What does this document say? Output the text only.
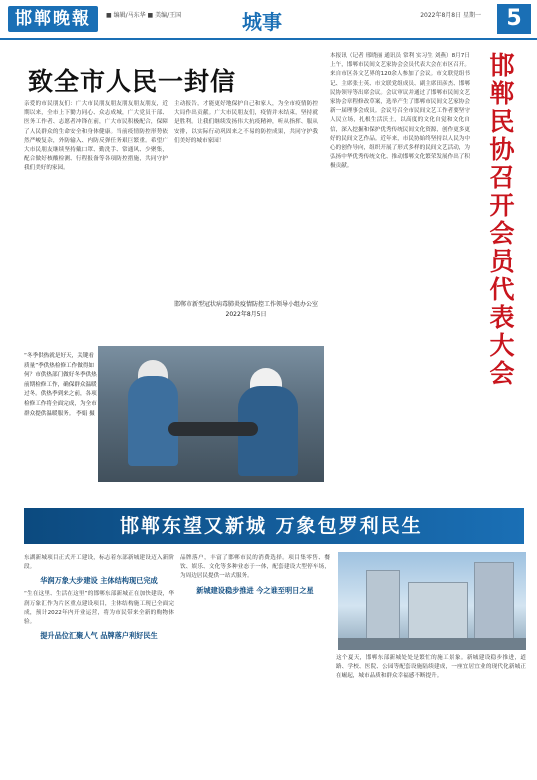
邯郸晚報	■ 编辑/马东华 ■ 美编/王国	城事	2022年8月8日 星期一	5
致全市人民一封信
亲爱的市民朋友们：广大市民朋友朋友朋友朋友朋友，近期以来，全市上下勠力同心、众志成城，广大党员干部、医务工作者、志愿者冲锋在前，广大市民积极配合，保障了人民群众的生命安全和身体健康。当前疫情防控形势依然严峻复杂，外防输入、内防反弹任务艰巨繁重。希望广大市民朋友继续坚持戴口罩、勤洗手、常通风、少聚集，配合做好核酸检测、行程报备等各项防控措施，共同守护我们美好的家园。
主动报告，才能更好地保护自己和家人，为全市疫情防控大局作出贡献。广大市民朋友们，疫情并未结束，坚持就是胜利。让我们继续发扬伟大抗疫精神，听从指挥、服从安排，以实际行动巩固来之不易的防控成果，共同守护我们美好的城市家园！
邯郸市新型冠状病毒肺炎疫情防控工作领导小组办公室
2022年8月5日	邯郸民协召开会员代表大会
本报讯（记者 邢晓丽 通讯员 常利 实习生 刘燕）8月7日上午，邯郸市民间文艺家协会会员代表大会在市区召开。来自市区各文艺界的120余人参加了会议。市文联党组书记、主席张士英、市文联党组成员、副主席田彦杰、邯郸民协领导等出席会议。会议审议并通过了邯郸市民间文艺家协会章程修改草案，选举产生了邯郸市民间文艺家协会新一届理事会成员。会议号召全市民间文艺工作者要坚守人民立场，扎根生活沃土，以高度的文化自觉和文化自信，深入挖掘和保护优秀传统民间文化资源，创作更多更好的民间文艺作品。近年来，市民协始终坚持以人民为中心的创作导向，组织开展了形式多样的民间文艺活动，为弘扬中华优秀传统文化、推动邯郸文化繁荣发展作出了积极贡献。
“冬季供热就是好天，关键看质量”季供热检修工作做得如何？市供热部门做好冬季供热前期检修工作，确保群众温暖过冬。供热季到来之前，各项检修工作将全面完成，为全市群众提供温暖服务。 李娟 摄
邯郸东望又新城 万象包罗利民生
东湖新城项目正式开工建设，标志着东部新城建设迈入新阶段。
华润万象大步建设 主体结构现已完成
“生在这里、生活在这里”的邯郸东部新城正在加快建设，华润万象汇作为片区重点建设项目，主体结构施工现已全面完成，预计2022年内开业运营，将为市民带来全新的购物体验。
提升品位汇聚人气 品牌落户利好民生
品牌落户，丰富了邯郸市民的消费选择。项目集零售、餐饮、娱乐、文化等多种业态于一体，配套建设大型停车场，为周边居民提供一站式服务。
新城建设稳步推进 今之谁至明日之星
这个夏天，邯郸东部新城处处是繁忙的施工景象。新城建设稳步推进，道路、学校、医院、公园等配套设施陆续建成，一座宜居宜业的现代化新城正在崛起，城市品质和群众幸福感不断提升。
